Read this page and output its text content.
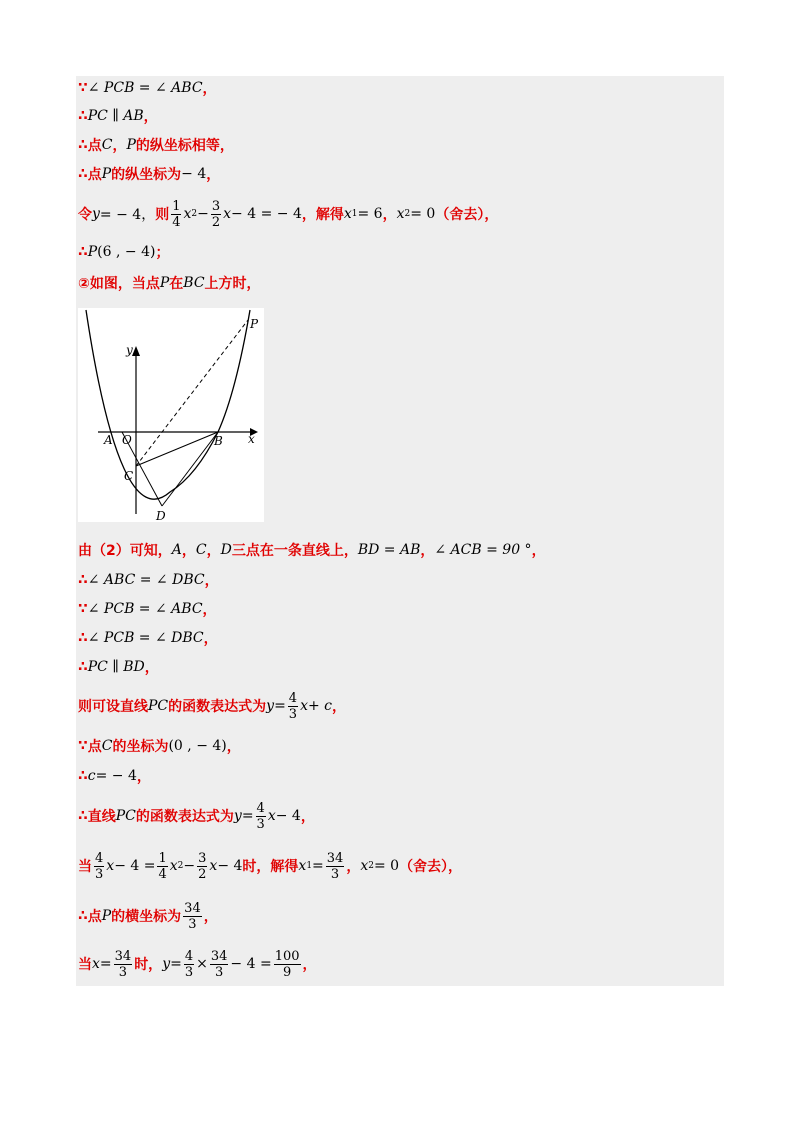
∵ ∠ PCB = ∠ ABC ，
∴ PC ∥ AB ，
∴ 点 C ， P 的纵坐标相等，
∴ 点 P 的纵坐标为 − 4 ，
令 y = − 4， 则 $\frac{1}{4}$ x $2 - \frac{3}{2}$ x − 4 = − 4 ，解得 x 1 = 6 ， x 2 = 0 （舍去），
∴ P (6 , − 4) ；
②如图，当点 P 在 BC 上方时，
y
x
P
A O	B
C
D
由（2）可知， A ， C ， D 三点在一条直线上， BD = AB ， ∠ ACB = 90 ° ，
∴ ∠ ABC = ∠ DBC ，
∵ ∠ PCB = ∠ ABC ，
∴ ∠ PCB = ∠ DBC ，
∴ PC ∥ BD ，
则可设直线 PC 的函数表达式为 $y = \frac{4}{3}$ x + c ，
∵ 点 C 的坐标为 (0 , − 4) ，
∴ c = − 4 ，
∴ 直线 PC 的函数表达式为 $y = \frac{4}{3}$ x − 4 ，
当 $\frac{4}{3}$ $x - 4 = \frac{1}{4}$ x $2 - \frac{3}{2}$ x − 4 时，解得 x $1 = \frac{34}{3}$ ， x 2 = 0 （舍去），
∴ 点 P 的横坐标为 $\frac{34}{3}$ ，
当 $x = \frac{34}{3}$ 时， $y = \frac{4}{3} \times \frac{34}{3} - 4 = \frac{100}{9}$ ，
